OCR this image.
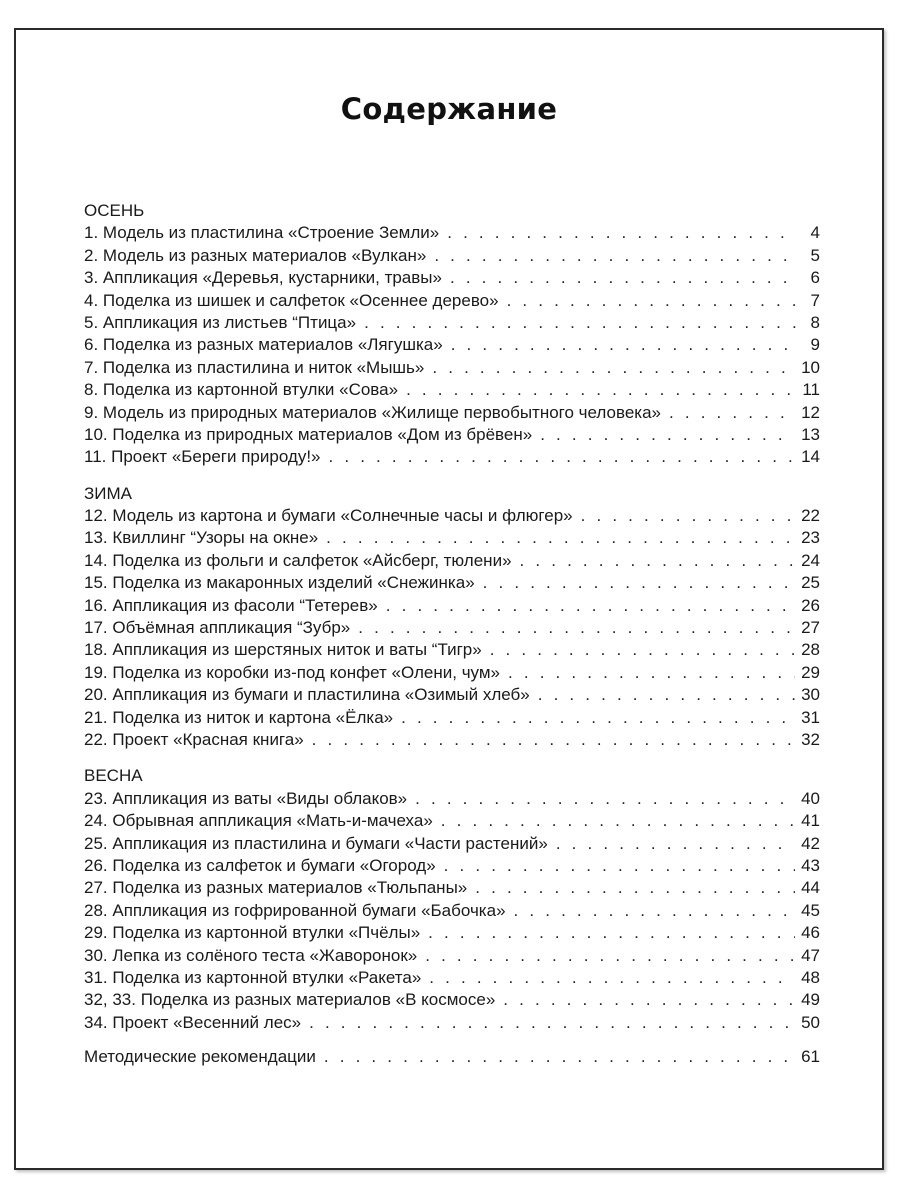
Содержание
ОСЕНЬ
1. Модель из пластилина «Строение Земли» . . .	4
2. Модель из разных материалов «Вулкан» . . .	5
3. Аппликация «Деревья, кустарники, травы» . . .	6
4. Поделка из шишек и салфеток «Осеннее дерево» . . .	7
5. Аппликация из листьев “Птица» . . .	8
6. Поделка из разных материалов «Лягушка» . . .	9
7. Поделка из пластилина и ниток «Мышь» . . .	10
8. Поделка из картонной втулки «Сова» . . .	11
9. Модель из природных материалов «Жилище первобытного человека» . . .	12
10. Поделка из природных материалов «Дом из брёвен» . . .	13
11. Проект «Береги природу!» . . .	14
ЗИМА
12. Модель из картона и бумаги «Солнечные часы и флюгер» . . .	22
13. Квиллинг “Узоры на окне» . . .	23
14. Поделка из фольги и салфеток «Айсберг, тюлени» . . .	24
15. Поделка из макаронных изделий «Снежинка» . . .	25
16. Аппликация из фасоли “Тетерев» . . .	26
17. Объёмная аппликация “Зубр» . . .	27
18. Аппликация из шерстяных ниток и ваты “Тигр» . . .	28
19. Поделка из коробки из-под конфет «Олени, чум» . . .	29
20. Аппликация из бумаги и пластилина «Озимый хлеб» . . .	30
21. Поделка из ниток и картона «Ёлка» . . .	31
22. Проект «Красная книга» . . .	32
ВЕСНА
23. Аппликация из ваты «Виды облаков» . . .	40
24. Обрывная аппликация «Мать-и-мачеха» . . .	41
25. Аппликация из пластилина и бумаги «Части растений» . . .	42
26. Поделка из салфеток и бумаги «Огород» . . .	43
27. Поделка из разных материалов «Тюльпаны» . . .	44
28. Аппликация из гофрированной бумаги «Бабочка» . . .	45
29. Поделка из картонной втулки «Пчёлы» . . .	46
30. Лепка из солёного теста «Жаворонок» . . .	47
31. Поделка из картонной втулки «Ракета» . . .	48
32, 33. Поделка из разных материалов «В космосе» . . .	49
34. Проект «Весенний лес» . . .	50
Методические рекомендации . . .	61
